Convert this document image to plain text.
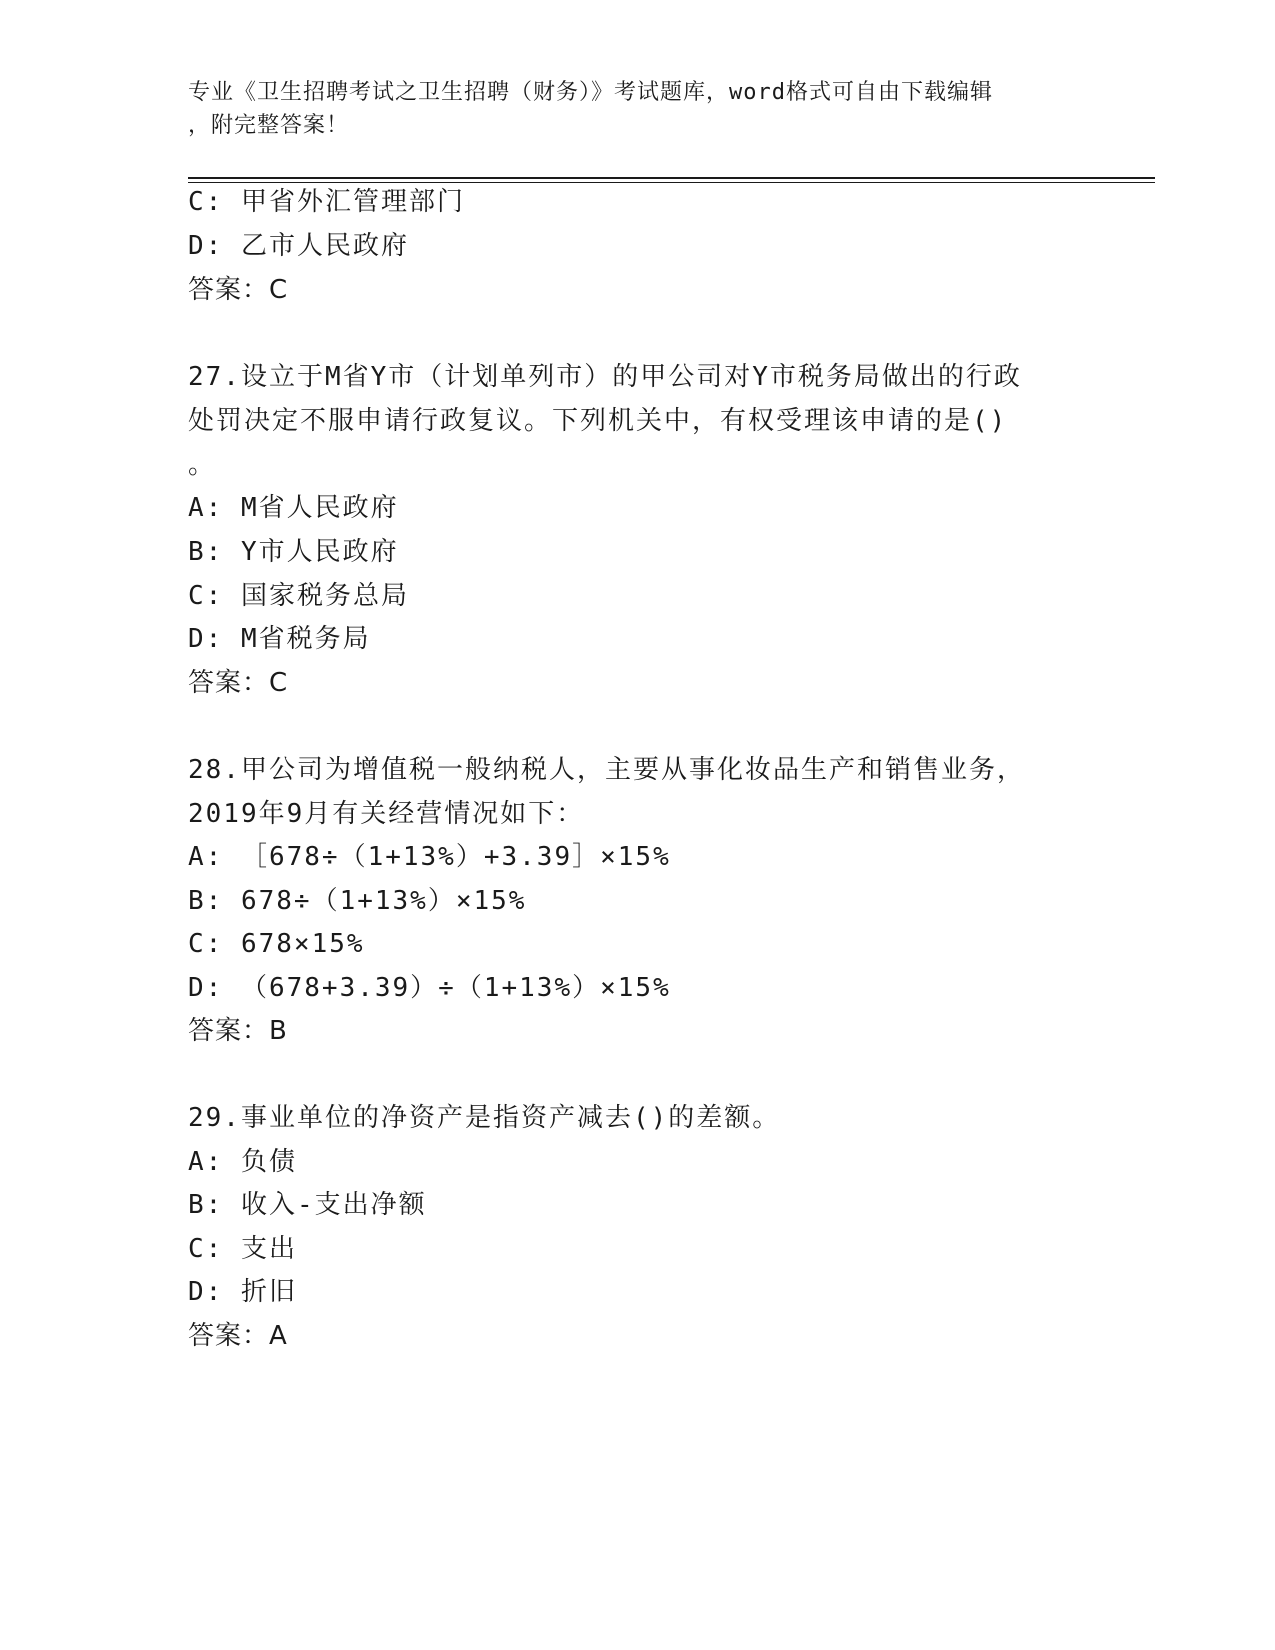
专业《卫生招聘考试之卫生招聘（财务）》考试题库，word格式可自由下载编辑
，附完整答案！
C: 甲省外汇管理部门
D: 乙市人民政府
答案：C
27.设立于M省Y市（计划单列市）的甲公司对Y市税务局做出的行政
处罚决定不服申请行政复议。下列机关中，有权受理该申请的是()
。
A: M省人民政府
B: Y市人民政府
C: 国家税务总局
D: M省税务局
答案：C
28.甲公司为增值税一般纳税人，主要从事化妆品生产和销售业务，
2019年9月有关经营情况如下：
A: ［678÷（1+13%）+3.39］×15%
B: 678÷（1+13%）×15%
C: 678×15%
D: （678+3.39）÷（1+13%）×15%
答案：B
29.事业单位的净资产是指资产减去()的差额。
A: 负债
B: 收入-支出净额
C: 支出
D: 折旧
答案：A
